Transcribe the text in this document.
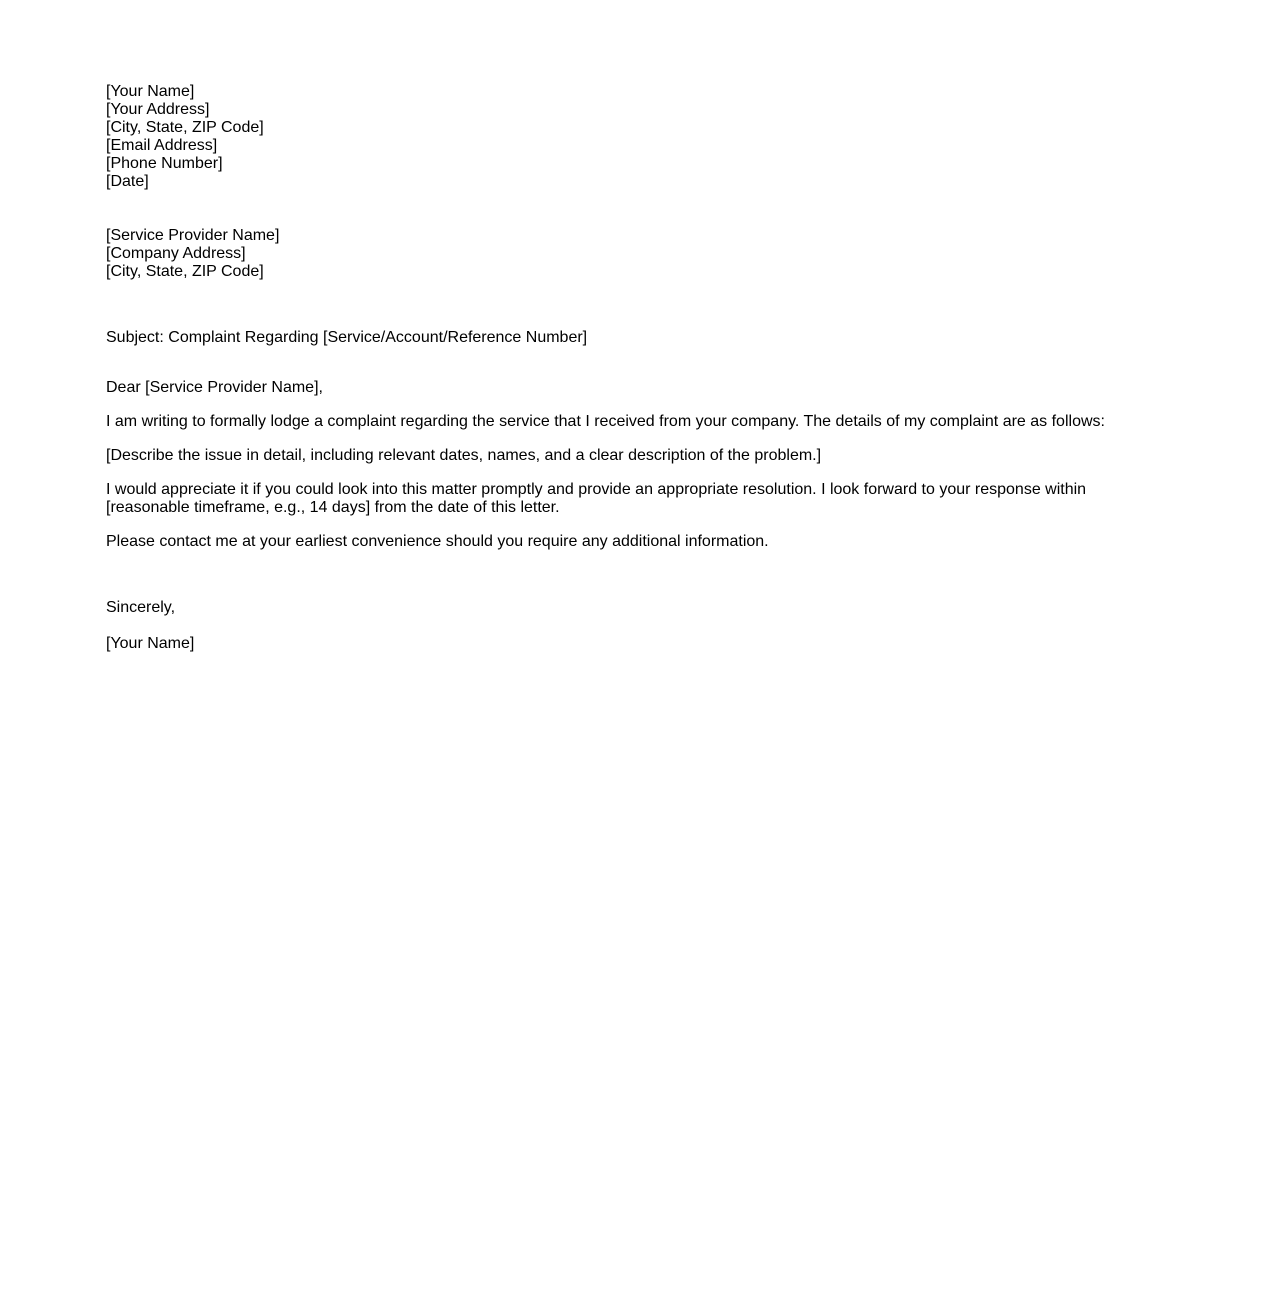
[Your Name]
[Your Address]
[City, State, ZIP Code]
[Email Address]
[Phone Number]
[Date]
[Service Provider Name]
[Company Address]
[City, State, ZIP Code]
Subject: Complaint Regarding [Service/Account/Reference Number]
Dear [Service Provider Name],
I am writing to formally lodge a complaint regarding the service that I received from your company. The details of my complaint are as follows:
[Describe the issue in detail, including relevant dates, names, and a clear description of the problem.]
I would appreciate it if you could look into this matter promptly and provide an appropriate resolution. I look forward to your response within [reasonable timeframe, e.g., 14 days] from the date of this letter.
Please contact me at your earliest convenience should you require any additional information.
Sincerely,
[Your Name]
